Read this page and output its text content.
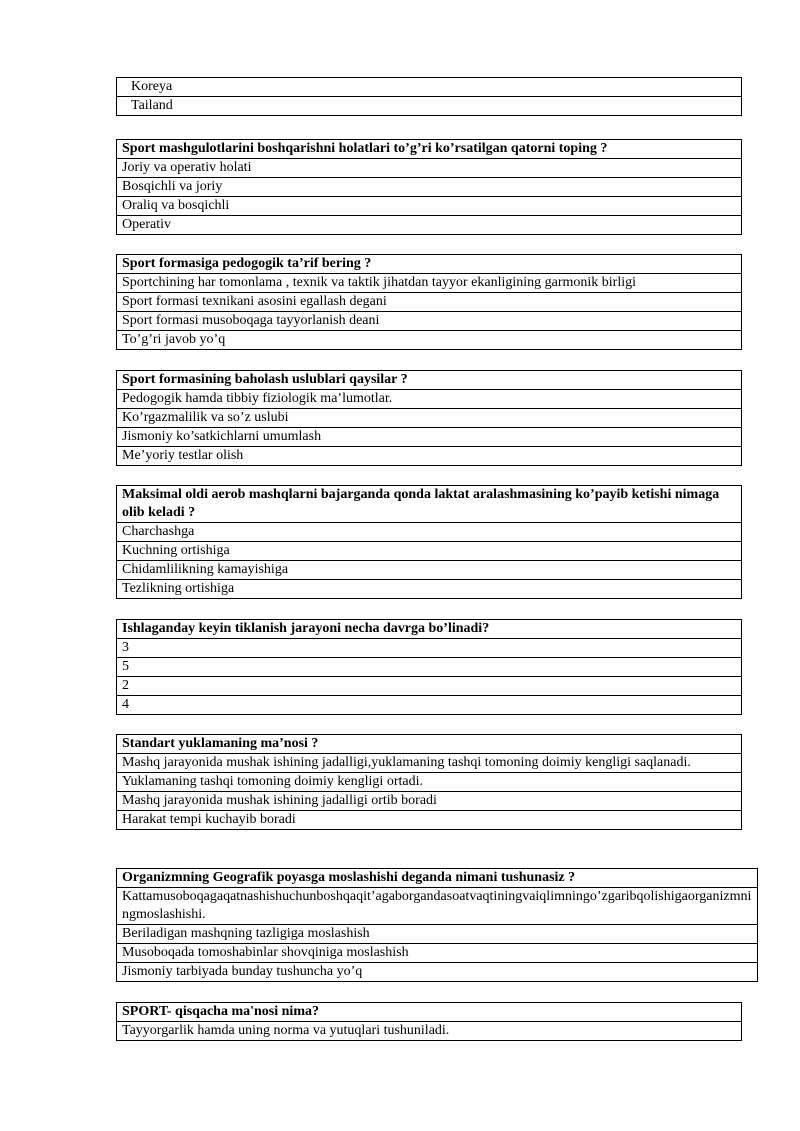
Koreya
Tailand
Sport mashgulotlarini boshqarishni holatlari to’g’ri ko’rsatilgan qatorni toping ?
Joriy va operativ holati
Bosqichli va joriy
Oraliq va bosqichli
Operativ
Sport formasiga pedogogik ta’rif bering ?
Sportchining har tomonlama , texnik va taktik jihatdan tayyor ekanligining garmonik birligi
Sport formasi texnikani asosini egallash degani
Sport formasi musoboqaga tayyorlanish deani
To’g’ri javob yo’q
Sport formasining baholash uslublari qaysilar ?
Pedogogik hamda tibbiy fiziologik ma’lumotlar.
Ko’rgazmalilik va so’z uslubi
Jismoniy ko’satkichlarni umumlash
Me’yoriy testlar olish
Maksimal oldi aerob mashqlarni bajarganda qonda laktat aralashmasining ko’payib ketishi nimaga olib keladi ?
Charchashga
Kuchning ortishiga
Chidamlilikning kamayishiga
Tezlikning ortishiga
Ishlaganday keyin tiklanish jarayoni necha davrga bo’linadi?
3
5
2
4
Standart yuklamaning ma’nosi ?
Mashq jarayonida mushak ishining jadalligi,yuklamaning tashqi tomoning doimiy kengligi saqlanadi.
Yuklamaning tashqi tomoning doimiy kengligi ortadi.
Mashq jarayonida mushak ishining jadalligi ortib boradi
Harakat tempi kuchayib boradi
Organizmning Geografik poyasga moslashishi deganda nimani tushunasiz ?
Kattamusoboqagaqatnashishuchunboshqaqit’agaborgandasoatvaqtiningvaiqlimningo’zgaribqolishigaorganizmningmoslashishi.
Beriladigan mashqning tazligiga moslashish
Musoboqada tomoshabinlar shovqiniga moslashish
Jismoniy tarbiyada bunday tushuncha yo’q
SPORT- qisqacha ma'nosi nima?
Tayyorgarlik hamda uning norma va yutuqlari tushuniladi.
